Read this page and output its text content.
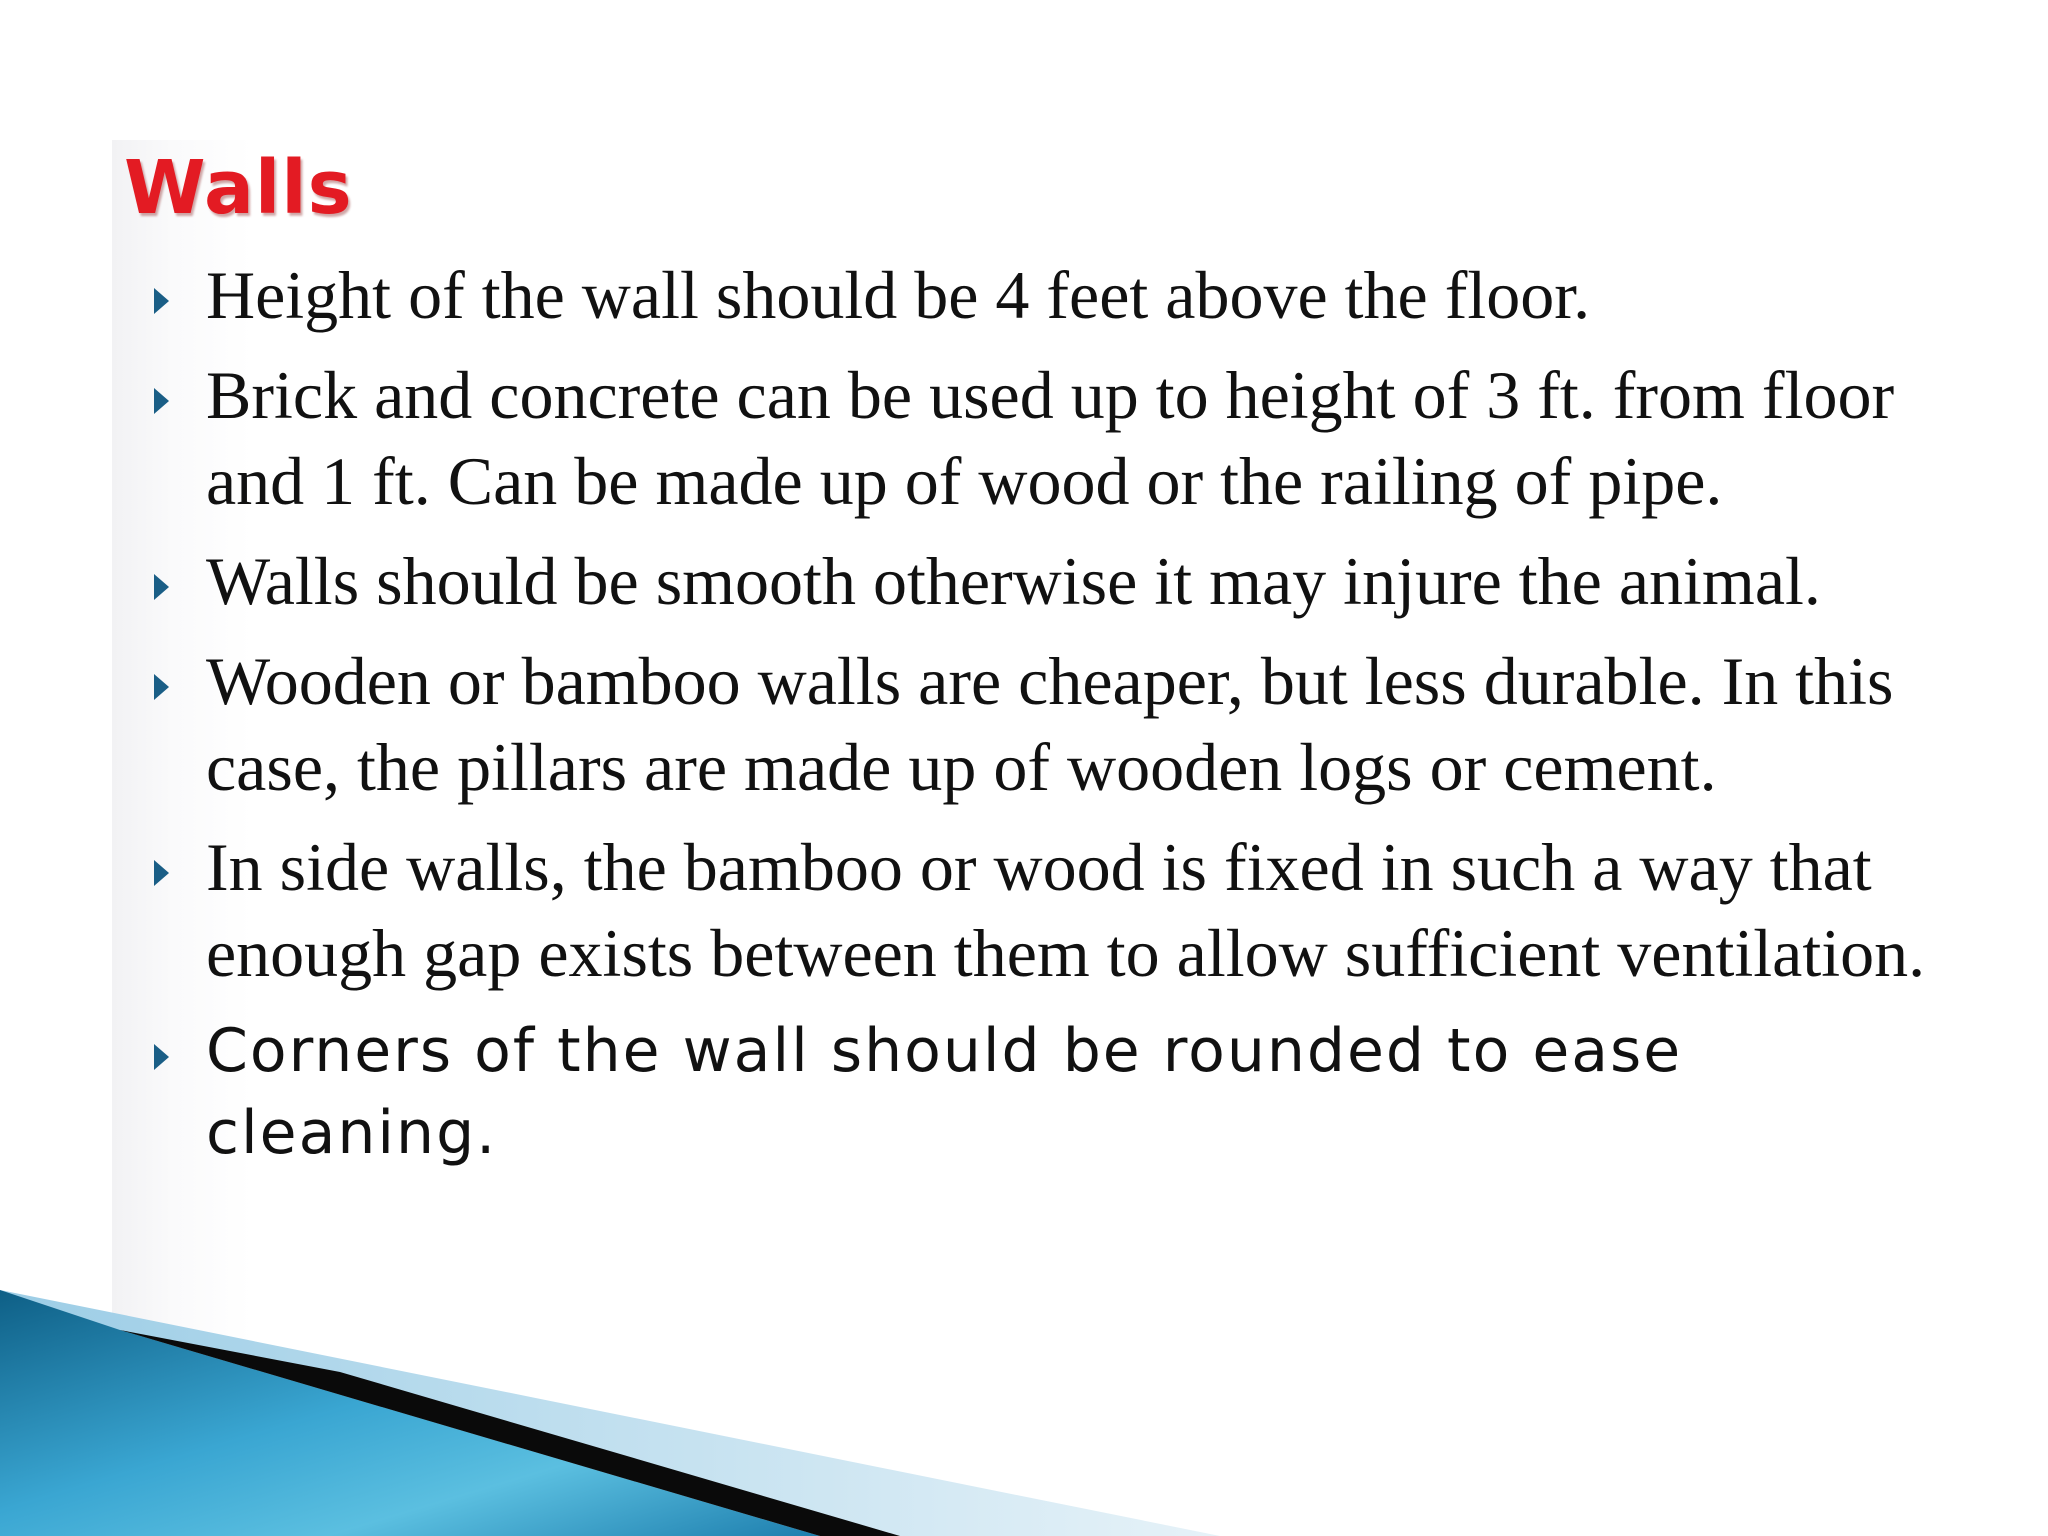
Walls
Height of the wall should be 4 feet above the floor.
Brick and concrete can be used up to height of 3 ft. from floor and 1 ft. Can be made up of wood or the railing of pipe.
Walls should be smooth otherwise it may injure the animal.
Wooden or bamboo walls are cheaper, but less durable. In this case, the pillars are made up of wooden logs or cement.
In side walls, the bamboo or wood is fixed in such a way that enough gap exists between them to allow sufficient ventilation.
Corners of the wall should be rounded to ease cleaning.
